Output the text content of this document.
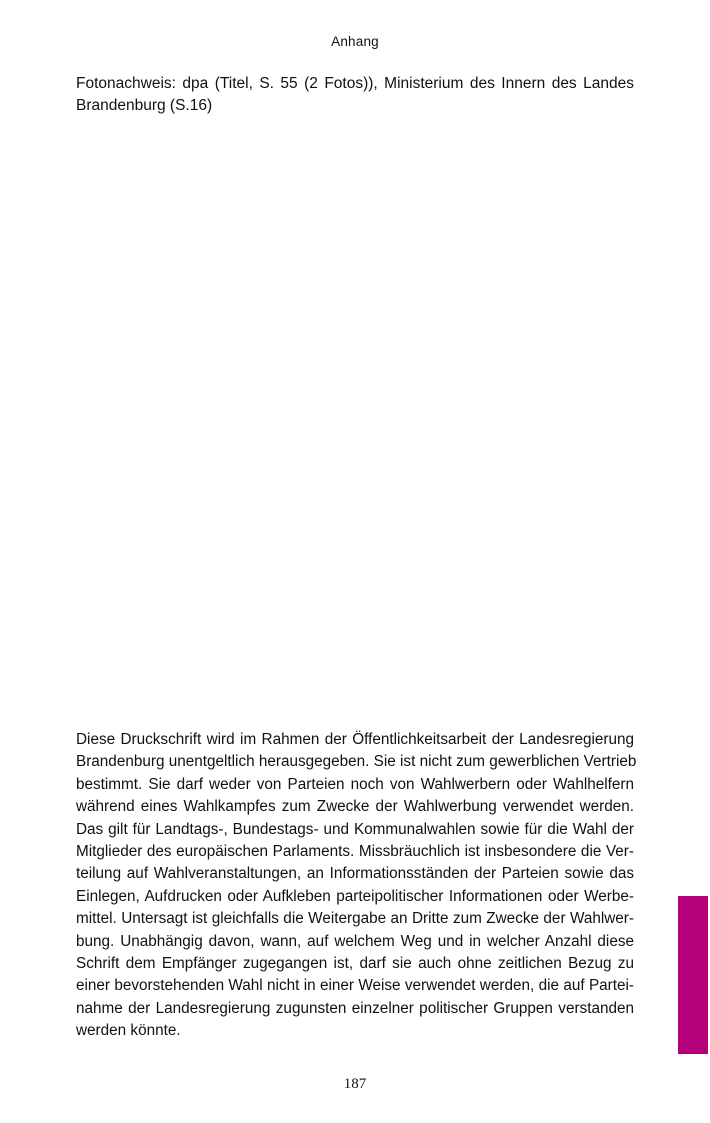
Anhang
Fotonachweis: dpa (Titel, S. 55 (2 Fotos)), Ministerium des Innern des Landes Brandenburg (S.16)
Diese Druckschrift wird im Rahmen der Öffentlichkeitsarbeit der Landesregierung
Brandenburg unentgeltlich herausgegeben. Sie ist nicht zum gewerblichen Vertrieb
bestimmt. Sie darf weder von Parteien noch von Wahlwerbern oder Wahlhelfern
während eines Wahlkampfes zum Zwecke der Wahlwerbung verwendet werden.
Das gilt für Landtags-, Bundestags- und Kommunalwahlen sowie für die Wahl der
Mitglieder des europäischen Parlaments. Missbräuchlich ist insbesondere die Ver-
teilung auf Wahlveranstaltungen, an Informationsständen der Parteien sowie das
Einlegen, Aufdrucken oder Aufkleben parteipolitischer Informationen oder Werbe-
mittel. Untersagt ist gleichfalls die Weitergabe an Dritte zum Zwecke der Wahlwer-
bung. Unabhängig davon, wann, auf welchem Weg und in welcher Anzahl diese
Schrift dem Empfänger zugegangen ist, darf sie auch ohne zeitlichen Bezug zu
einer bevorstehenden Wahl nicht in einer Weise verwendet werden, die auf Partei-
nahme der Landesregierung zugunsten einzelner politischer Gruppen verstanden
werden könnte.
187
